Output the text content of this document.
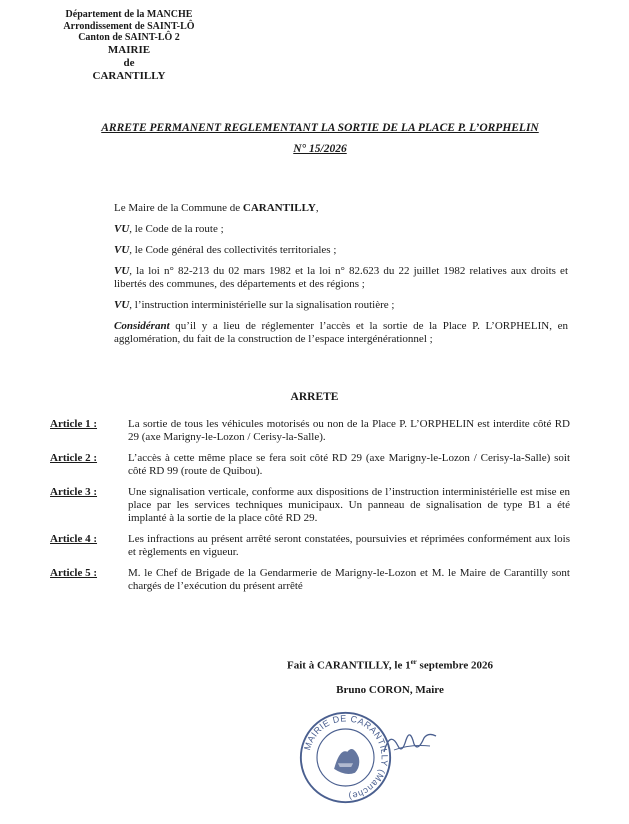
Département de la MANCHE
Arrondissement de SAINT-LÔ
Canton de SAINT-LÔ 2
MAIRIE
de
CARANTILLY
ARRETE PERMANENT REGLEMENTANT LA SORTIE DE LA PLACE P. L’ORPHELIN
N° 15/2026

Le Maire de la Commune de CARANTILLY,

VU, le Code de la route ;

VU, le Code général des collectivités territoriales ;

VU, la loi n° 82-213 du 02 mars 1982 et la loi n° 82.623 du 22 juillet 1982 relatives aux droits et libertés des communes, des départements et des régions ;

VU, l’instruction interministérielle sur la signalisation routière ;

Considérant qu’il y a lieu de réglementer l’accès et la sortie de la Place P. L’ORPHELIN, en agglomération, du fait de la construction de l’espace intergénérationnel ;

ARRETE
Article 1 :	La sortie de tous les véhicules motorisés ou non de la Place P. L’ORPHELIN est interdite côté RD 29 (axe Marigny-le-Lozon / Cerisy-la-Salle).
Article 2 :	L’accès à cette même place se fera soit côté RD 29 (axe Marigny-le-Lozon / Cerisy-la-Salle) soit côté RD 99 (route de Quibou).
Article 3 :	Une signalisation verticale, conforme aux dispositions de l’instruction interministérielle est mise en place par les services techniques municipaux. Un panneau de signalisation de type B1 a été implanté à la sortie de la place côté RD 29.
Article 4 :	Les infractions au présent arrêté seront constatées, poursuivies et réprimées conformément aux lois et règlements en vigueur.
Article 5 :	M. le Chef de Brigade de la Gendarmerie de Marigny-le-Lozon et M. le Maire de Carantilly sont chargés de l’exécution du présent arrêté
Fait à CARANTILLY, le 1er septembre 2026
Bruno CORON, Maire
MAIRIE DE CARANTILLY (Manche)
